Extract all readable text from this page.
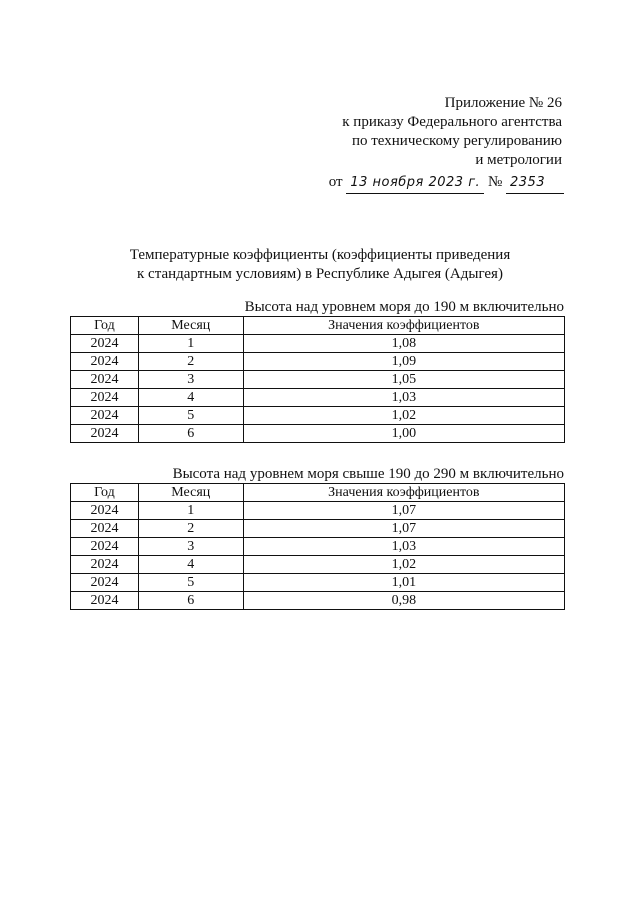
Приложение № 26
к приказу Федерального агентства
по техническому регулированию
и метрологии
от 13 ноября 2023 г. № 2353
Температурные коэффициенты (коэффициенты приведения
к стандартным условиям) в Республике Адыгея (Адыгея)
Высота над уровнем моря до 190 м включительно
Год	Месяц	Значения коэффициентов
2024	1	1,08
2024	2	1,09
2024	3	1,05
2024	4	1,03
2024	5	1,02
2024	6	1,00
Высота над уровнем моря свыше 190 до 290 м включительно
Год	Месяц	Значения коэффициентов
2024	1	1,07
2024	2	1,07
2024	3	1,03
2024	4	1,02
2024	5	1,01
2024	6	0,98
